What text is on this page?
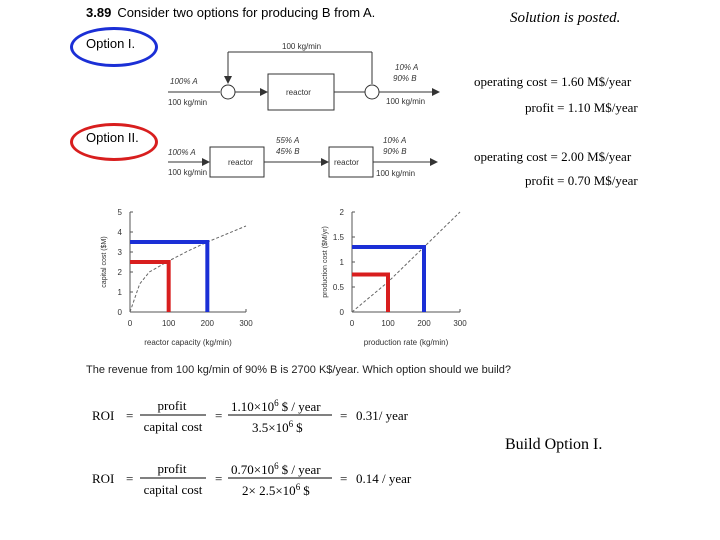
3.89 Consider two options for producing B from A.	Solution is posted.
Option I.
Option II.
100 kg/min
100% A
100 kg/min
reactor
10% A
90% B
100 kg/min
100% A
100 kg/min
reactor
55% A
45% B
reactor
10% A
90% B
100 kg/min
operating cost = 1.60 M$/year
profit = 1.10 M$/year
operating cost = 2.00 M$/year
profit = 0.70 M$/year
0	100	200	300
0
1
2
3
4
5
reactor capacity (kg/min)
capital cost ($M)
0	100	200	300
0
0.5
1
1.5
2
production rate (kg/min)
production cost ($M/yr)
The revenue from 100 kg/min of 90% B is 2700 K$/year. Which option should we build?
ROI =
profit
capital cost
=
$1.10\times 10^6$ $ / year
$3.5\times 10^6$ $
= 0.31/ year
ROI =
profit
capital cost
=
$0.70\times 10^6$ $ / year
$2\times 2.5\times 10^6$ $
= 0.14 / year
Build Option I.
